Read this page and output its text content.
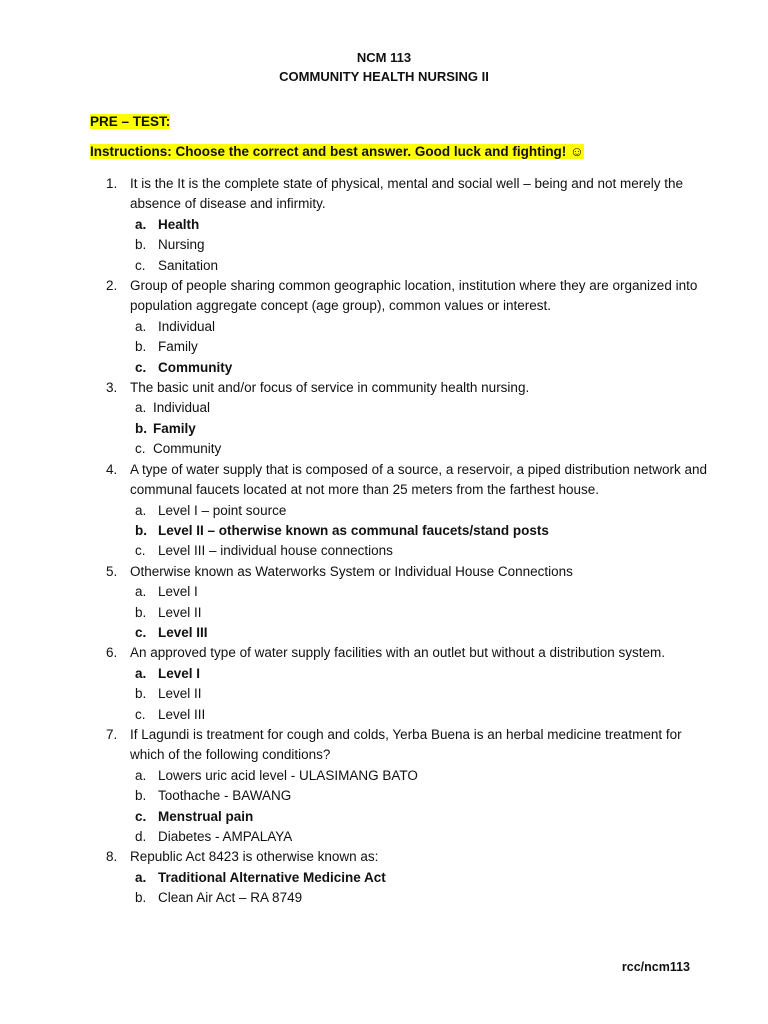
NCM 113
COMMUNITY HEALTH NURSING II
PRE – TEST:
Instructions: Choose the correct and best answer. Good luck and fighting! ☺
1. It is the It is the complete state of physical, mental and social well – being and not merely the absence of disease and infirmity.
a. Health
b. Nursing
c. Sanitation
2. Group of people sharing common geographic location, institution where they are organized into population aggregate concept (age group), common values or interest.
a. Individual
b. Family
c. Community
3. The basic unit and/or focus of service in community health nursing.
a. Individual
b. Family
c. Community
4. A type of water supply that is composed of a source, a reservoir, a piped distribution network and communal faucets located at not more than 25 meters from the farthest house.
a. Level I – point source
b. Level II – otherwise known as communal faucets/stand posts
c. Level III – individual house connections
5. Otherwise known as Waterworks System or Individual House Connections
a. Level I
b. Level II
c. Level III
6. An approved type of water supply facilities with an outlet but without a distribution system.
a. Level I
b. Level II
c. Level III
7. If Lagundi is treatment for cough and colds, Yerba Buena is an herbal medicine treatment for which of the following conditions?
a. Lowers uric acid level - ULASIMANG BATO
b. Toothache - BAWANG
c. Menstrual pain
d. Diabetes - AMPALAYA
8. Republic Act 8423 is otherwise known as:
a. Traditional Alternative Medicine Act
b. Clean Air Act – RA 8749
rcc/ncm113
